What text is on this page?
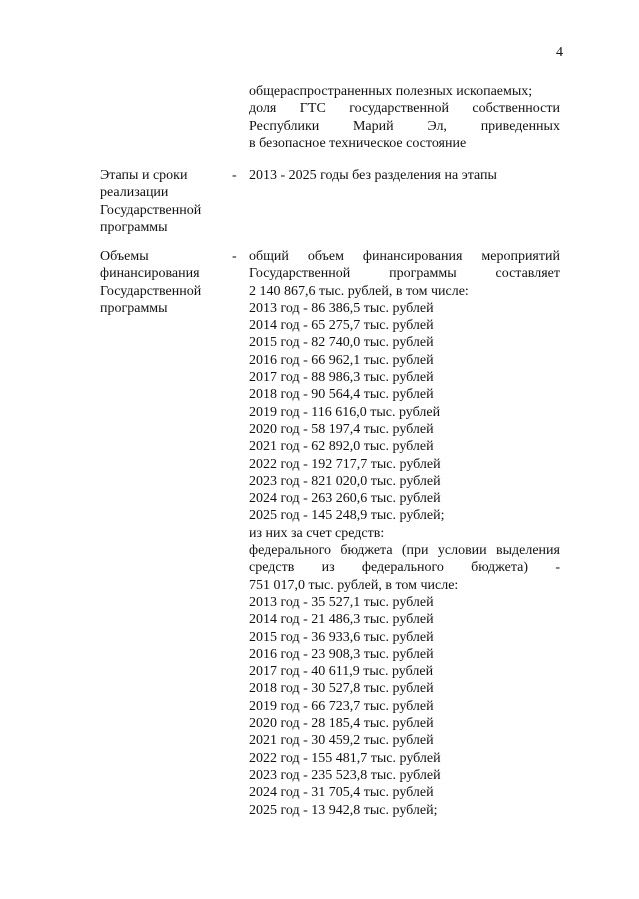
4
общераспространенных полезных ископаемых;
доля ГТС государственной собственности
Республики Марий Эл, приведенных
в безопасное техническое состояние
Этапы и сроки
реализации
Государственной
программы
- 2013 - 2025 годы без разделения на этапы
Объемы
финансирования
Государственной
программы
- общий объем финансирования мероприятий
Государственной	программы	составляет
2 140 867,6 тыс. рублей, в том числе:
2013 год - 86 386,5 тыс. рублей
2014 год - 65 275,7 тыс. рублей
2015 год - 82 740,0 тыс. рублей
2016 год - 66 962,1 тыс. рублей
2017 год - 88 986,3 тыс. рублей
2018 год - 90 564,4 тыс. рублей
2019 год - 116 616,0 тыс. рублей
2020 год - 58 197,4 тыс. рублей
2021 год - 62 892,0 тыс. рублей
2022 год - 192 717,7 тыс. рублей
2023 год - 821 020,0 тыс. рублей
2024 год - 263 260,6 тыс. рублей
2025 год - 145 248,9 тыс. рублей;
из них за счет средств:
федерального бюджета (при условии выделения
средств из федерального бюджета) -
751 017,0 тыс. рублей, в том числе:
2013 год - 35 527,1 тыс. рублей
2014 год - 21 486,3 тыс. рублей
2015 год - 36 933,6 тыс. рублей
2016 год - 23 908,3 тыс. рублей
2017 год - 40 611,9 тыс. рублей
2018 год - 30 527,8 тыс. рублей
2019 год - 66 723,7 тыс. рублей
2020 год - 28 185,4 тыс. рублей
2021 год - 30 459,2 тыс. рублей
2022 год - 155 481,7 тыс. рублей
2023 год - 235 523,8 тыс. рублей
2024 год - 31 705,4 тыс. рублей
2025 год - 13 942,8 тыс. рублей;
